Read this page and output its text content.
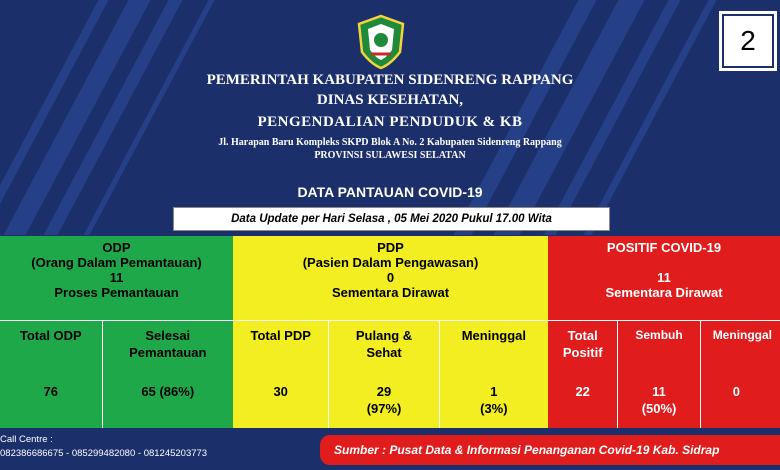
2
PEMERINTAH KABUPATEN SIDENRENG RAPPANG
DINAS KESEHATAN,
PENGENDALIAN PENDUDUK & KB
Jl. Harapan Baru Kompleks SKPD Blok A No. 2 Kabupaten Sidenreng Rappang
PROVINSI SULAWESI SELATAN
DATA PANTAUAN COVID-19
Data Update per Hari Selasa , 05 Mei 2020 Pukul 17.00 Wita
ODP
(Orang Dalam Pemantauan)
11
Proses Pemantauan
Total ODP
76
Selesai Pemantauan
65 (86%)
PDP
(Pasien Dalam Pengawasan)
0
Sementara Dirawat
Total PDP
30
Pulang & Sehat
29 (97%)
Meninggal
1 (3%)
POSITIF COVID-19
11
Sementara Dirawat
Total Positif
22
Sembuh
11 (50%)
Meninggal
0
Call Centre :
082386686675 - 085299482080 - 081245203773	Sumber : Pusat Data & Informasi Penanganan Covid-19 Kab. Sidrap
